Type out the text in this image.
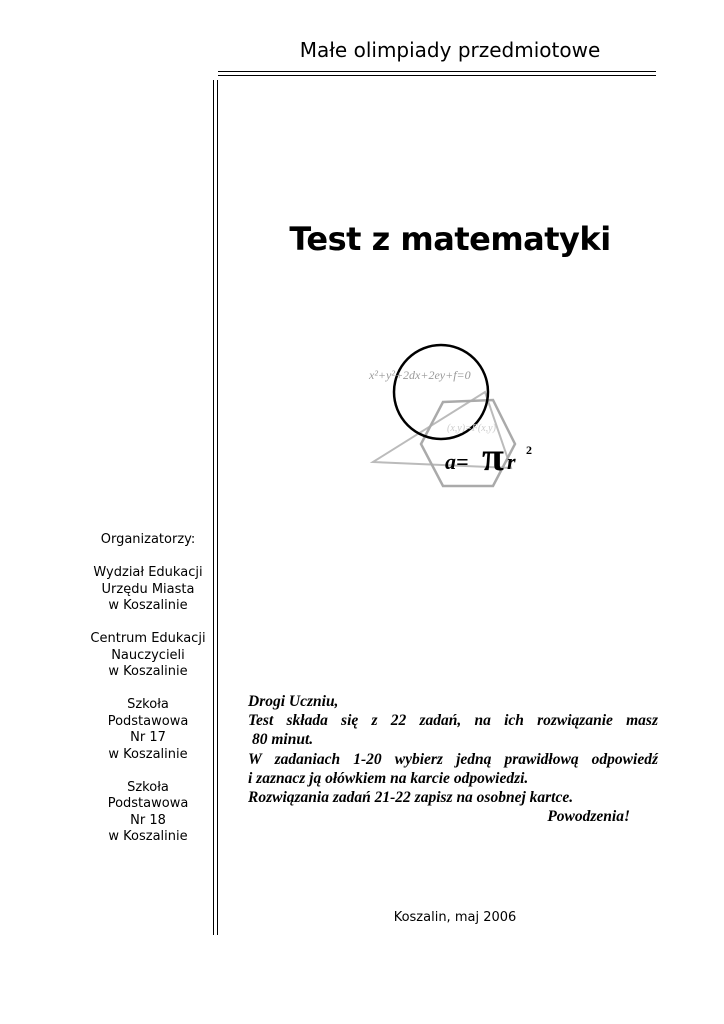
Małe olimpiady przedmiotowe
Test z matematyki
x²+y²+2dx+2ey+f=0
(x,y)=F(x,y)
a= π r 2
Organizatorzy:
Wydział Edukacji
Urzędu Miasta
w Koszalinie
Centrum Edukacji
Nauczycieli
w Koszalinie
Szkoła
Podstawowa
Nr 17
w Koszalinie
Szkoła
Podstawowa
Nr 18
w Koszalinie
Drogi Uczniu,
Test składa się z 22 zadań, na ich rozwiązanie masz
80 minut.
W zadaniach 1-20 wybierz jedną prawidłową odpowiedź
i zaznacz ją ołówkiem na karcie odpowiedzi.
Rozwiązania zadań 21-22 zapisz na osobnej kartce.
Powodzenia!
Koszalin, maj 2006
